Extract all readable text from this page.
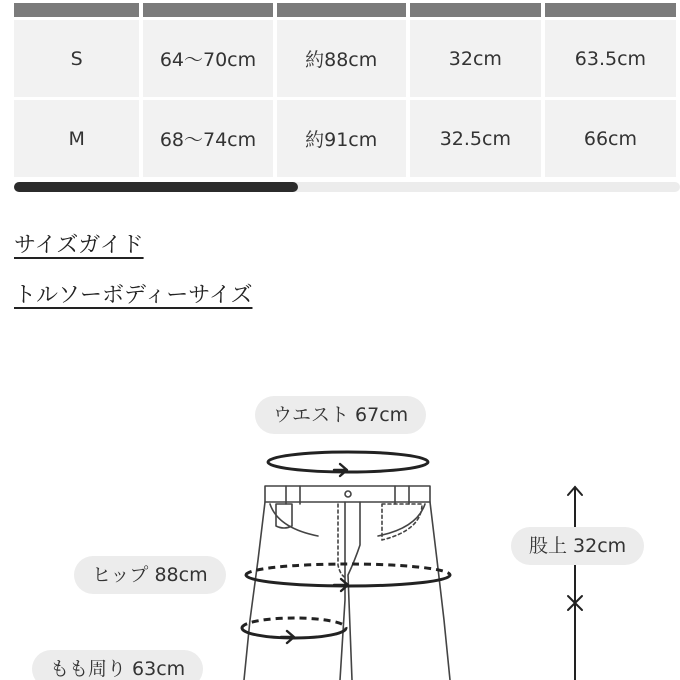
S	64〜70cm	約88cm	32cm	63.5cm
M	68〜74cm	約91cm	32.5cm	66cm
サイズガイド
トルソーボディーサイズ
ウエスト 67cm
ヒップ 88cm
もも周り 63cm
股上 32cm
